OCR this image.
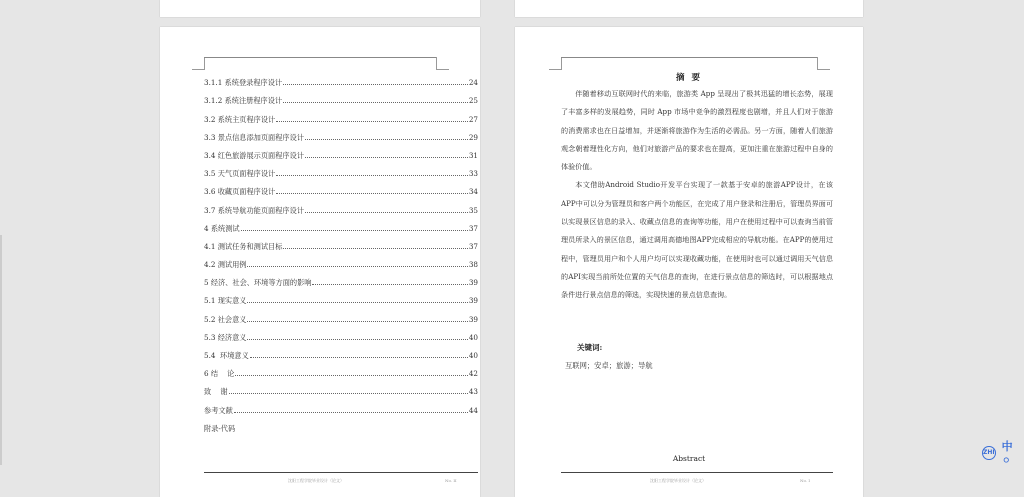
3.1.1 系统登录程序设计	24
3.1.2 系统注册程序设计	25
3.2 系统主页程序设计	27
3.3 景点信息添加页面程序设计	29
3.4 红色旅游展示页面程序设计	31
3.5 天气页面程序设计	33
3.6 收藏页面程序设计	34
3.7 系统导航功能页面程序设计	35
4 系统测试	37
4.1 测试任务和测试目标	37
4.2 测试用例	38
5 经济、社会、环境等方面的影响	39
5.1 现实意义	39
5.2 社会意义	39
5.3 经济意义	40
5.4  环境意义	40
6 结    论	42
致    谢	43
参考文献	44
附录-代码
沈阳工程学院毕业设计（论文）	No. II
摘 要

伴随着移动互联网时代的来临，旅游类 App 呈现出了极其迅猛的增长态势，展现了丰富多样的发展趋势，同时 App 市场中竞争的激烈程度也剧增，并且人们对于旅游的消费需求也在日益增加，并逐渐将旅游作为生活的必需品。另一方面，随着人们旅游观念朝着理性化方向，他们对旅游产品的要求也在提高，更加注重在旅游过程中自身的体验价值。

本文借助Android Studio开发平台实现了一款基于安卓的旅游APP设计，在该APP中可以分为管理员和客户两个功能区，在完成了用户登录和注册后，管理员界面可以实现景区信息的录入、收藏点信息的查询等功能，用户在使用过程中可以查询当前管理员所录入的景区信息，通过调用高德地图APP完成相应的导航功能。在APP的使用过程中，管理员用户和个人用户均可以实现收藏功能，在使用时也可以通过调用天气信息的API实现当前所处位置的天气信息的查询，在进行景点信息的筛选时，可以根据地点条件进行景点信息的筛选，实现快速的景点信息查询。

关键词:
互联网；安卓；旅游；导航
Abstract
沈阳工程学院毕业设计（论文）	No. I
ZHI 中 ⚪
